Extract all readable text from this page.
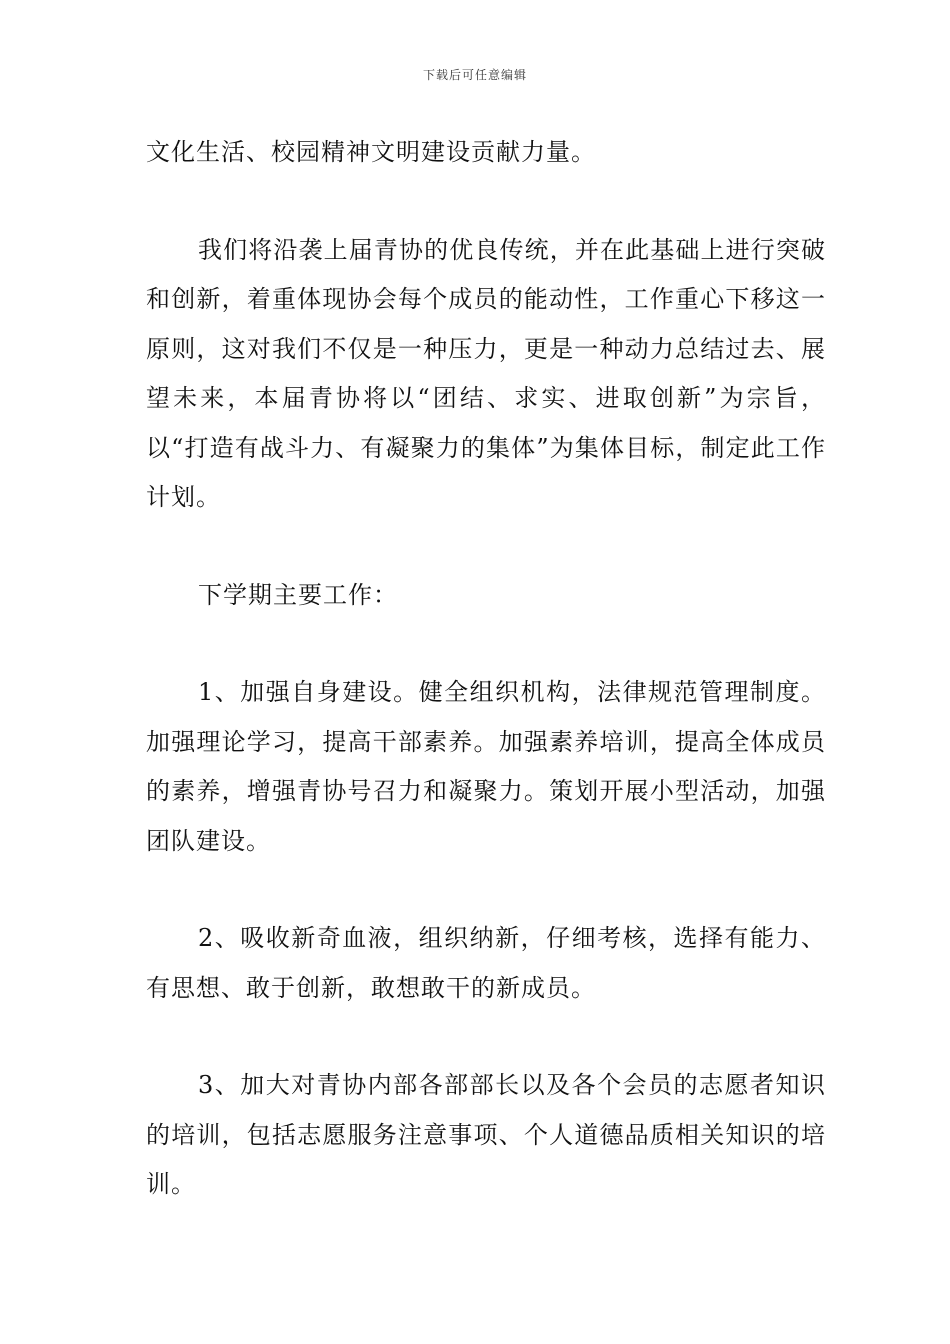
下载后可任意编辑

文化生活、校园精神文明建设贡献力量。

我们将沿袭上届青协的优良传统，并在此基础上进行突破和创新，着重体现协会每个成员的能动性，工作重心下移这一原则，这对我们不仅是一种压力，更是一种动力总结过去、展望未来，本届青协将以“团结、求实、进取创新”为宗旨，以“打造有战斗力、有凝聚力的集体”为集体目标，制定此工作计划。

下学期主要工作：

1、加强自身建设。健全组织机构，法律规范管理制度。加强理论学习，提高干部素养。加强素养培训，提高全体成员的素养，增强青协号召力和凝聚力。策划开展小型活动，加强团队建设。

2、吸收新奇血液，组织纳新，仔细考核，选择有能力、有思想、敢于创新，敢想敢干的新成员。

3、加大对青协内部各部部长以及各个会员的志愿者知识的培训，包括志愿服务注意事项、个人道德品质相关知识的培训。
